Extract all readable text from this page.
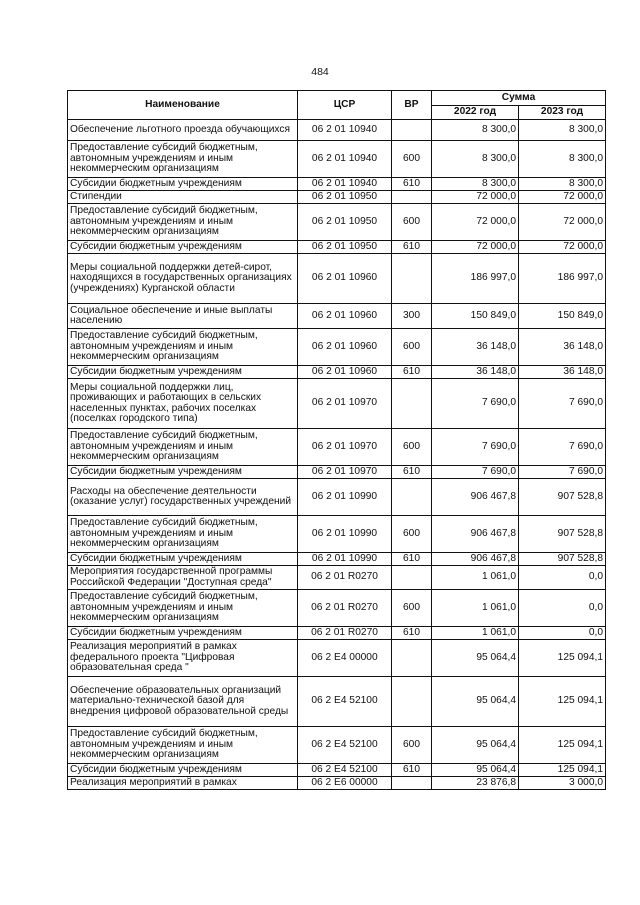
484
Наименование	ЦСР	ВР	Сумма	
			2022 год	2023 год
Обеспечение льготного проезда обучающихся	06 2 01 10940		8 300,0	8 300,0
Предоставление субсидий бюджетным, автономным учреждениям и иным некоммерческим организациям	06 2 01 10940	600	8 300,0	8 300,0
Субсидии бюджетным учреждениям	06 2 01 10940	610	8 300,0	8 300,0
Стипендии	06 2 01 10950		72 000,0	72 000,0
Предоставление субсидий бюджетным, автономным учреждениям и иным некоммерческим организациям	06 2 01 10950	600	72 000,0	72 000,0
Субсидии бюджетным учреждениям	06 2 01 10950	610	72 000,0	72 000,0
Меры социальной поддержки детей-сирот, находящихся в государственных организациях (учреждениях) Курганской области	06 2 01 10960		186 997,0	186 997,0
Социальное обеспечение и иные выплаты населению	06 2 01 10960	300	150 849,0	150 849,0
Предоставление субсидий бюджетным, автономным учреждениям и иным некоммерческим организациям	06 2 01 10960	600	36 148,0	36 148,0
Субсидии бюджетным учреждениям	06 2 01 10960	610	36 148,0	36 148,0
Меры социальной поддержки лиц, проживающих и работающих в сельских населенных пунктах, рабочих поселках (поселках городского типа)	06 2 01 10970		7 690,0	7 690,0
Предоставление субсидий бюджетным, автономным учреждениям и иным некоммерческим организациям	06 2 01 10970	600	7 690,0	7 690,0
Субсидии бюджетным учреждениям	06 2 01 10970	610	7 690,0	7 690,0
Расходы на обеспечение деятельности (оказание услуг) государственных учреждений	06 2 01 10990		906 467,8	907 528,8
Предоставление субсидий бюджетным, автономным учреждениям и иным некоммерческим организациям	06 2 01 10990	600	906 467,8	907 528,8
Субсидии бюджетным учреждениям	06 2 01 10990	610	906 467,8	907 528,8
Мероприятия государственной программы Российской Федерации "Доступная среда"	06 2 01 R0270		1 061,0	0,0
Предоставление субсидий бюджетным, автономным учреждениям и иным некоммерческим организациям	06 2 01 R0270	600	1 061,0	0,0
Субсидии бюджетным учреждениям	06 2 01 R0270	610	1 061,0	0,0
Реализация мероприятий в рамках федерального проекта "Цифровая образовательная среда "	06 2 E4 00000		95 064,4	125 094,1
Обеспечение образовательных организаций материально-технической базой для внедрения цифровой образовательной среды	06 2 E4 52100		95 064,4	125 094,1
Предоставление субсидий бюджетным, автономным учреждениям и иным некоммерческим организациям	06 2 E4 52100	600	95 064,4	125 094,1
Субсидии бюджетным учреждениям	06 2 E4 52100	610	95 064,4	125 094,1
Реализация мероприятий в рамках	06 2 E6 00000		23 876,8	3 000,0
